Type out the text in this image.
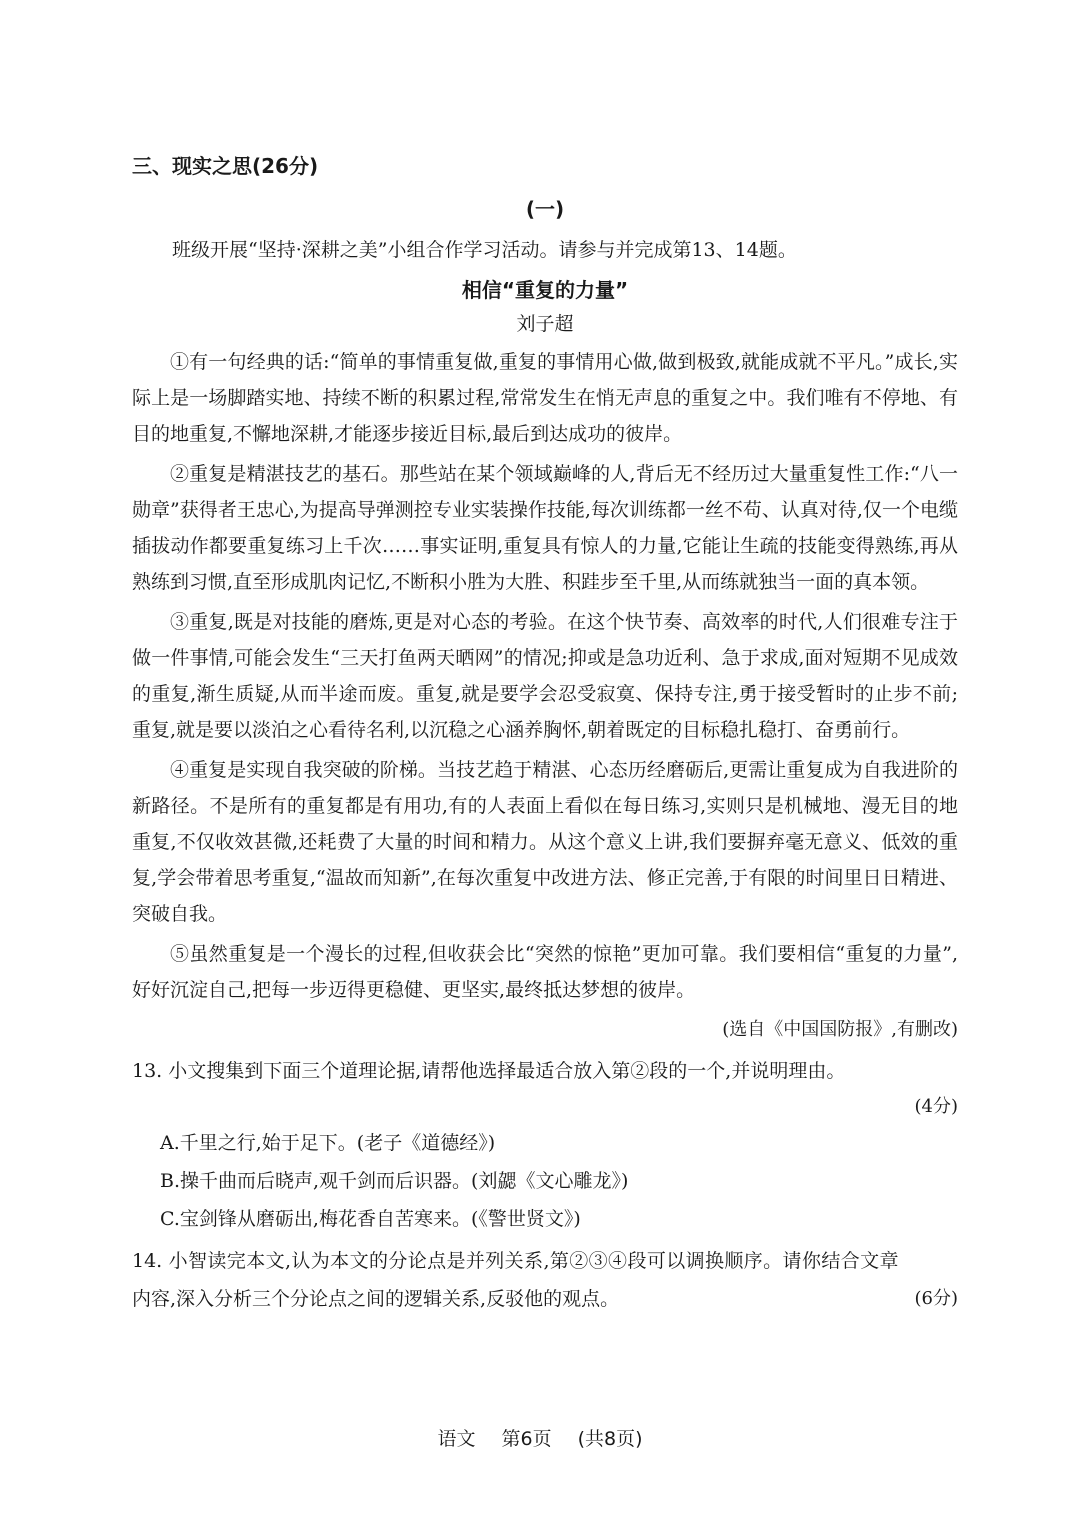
三、现实之思(26分)
(一)

班级开展“坚持·深耕之美”小组合作学习活动。请参与并完成第13、14题。

相信“重复的力量”
刘子超

①有一句经典的话:“简单的事情重复做,重复的事情用心做,做到极致,就能成就不平凡。”成长,实际上是一场脚踏实地、持续不断的积累过程,常常发生在悄无声息的重复之中。我们唯有不停地、有目的地重复,不懈地深耕,才能逐步接近目标,最后到达成功的彼岸。

②重复是精湛技艺的基石。那些站在某个领域巅峰的人,背后无不经历过大量重复性工作:“八一勋章”获得者王忠心,为提高导弹测控专业实装操作技能,每次训练都一丝不苟、认真对待,仅一个电缆插拔动作都要重复练习上千次……事实证明,重复具有惊人的力量,它能让生疏的技能变得熟练,再从熟练到习惯,直至形成肌肉记忆,不断积小胜为大胜、积跬步至千里,从而练就独当一面的真本领。

③重复,既是对技能的磨炼,更是对心态的考验。在这个快节奏、高效率的时代,人们很难专注于做一件事情,可能会发生“三天打鱼两天晒网”的情况;抑或是急功近利、急于求成,面对短期不见成效的重复,渐生质疑,从而半途而废。重复,就是要学会忍受寂寞、保持专注,勇于接受暂时的止步不前;重复,就是要以淡泊之心看待名利,以沉稳之心涵养胸怀,朝着既定的目标稳扎稳打、奋勇前行。

④重复是实现自我突破的阶梯。当技艺趋于精湛、心态历经磨砺后,更需让重复成为自我进阶的新路径。不是所有的重复都是有用功,有的人表面上看似在每日练习,实则只是机械地、漫无目的地重复,不仅收效甚微,还耗费了大量的时间和精力。从这个意义上讲,我们要摒弃毫无意义、低效的重复,学会带着思考重复,“温故而知新”,在每次重复中改进方法、修正完善,于有限的时间里日日精进、突破自我。

⑤虽然重复是一个漫长的过程,但收获会比“突然的惊艳”更加可靠。我们要相信“重复的力量”,好好沉淀自己,把每一步迈得更稳健、更坚实,最终抵达梦想的彼岸。

(选自《中国国防报》,有删改)

13. 小文搜集到下面三个道理论据,请帮他选择最适合放入第②段的一个,并说明理由。

(4分)
A.千里之行,始于足下。(老子《道德经》)
B.操千曲而后晓声,观千剑而后识器。(刘勰《文心雕龙》)
C.宝剑锋从磨砺出,梅花香自苦寒来。(《警世贤文》)

14. 小智读完本文,认为本文的分论点是并列关系,第②③④段可以调换顺序。请你结合文章内容,深入分析三个分论点之间的逻辑关系,反驳他的观点。	(6分)
语文 第6页 (共8页)
